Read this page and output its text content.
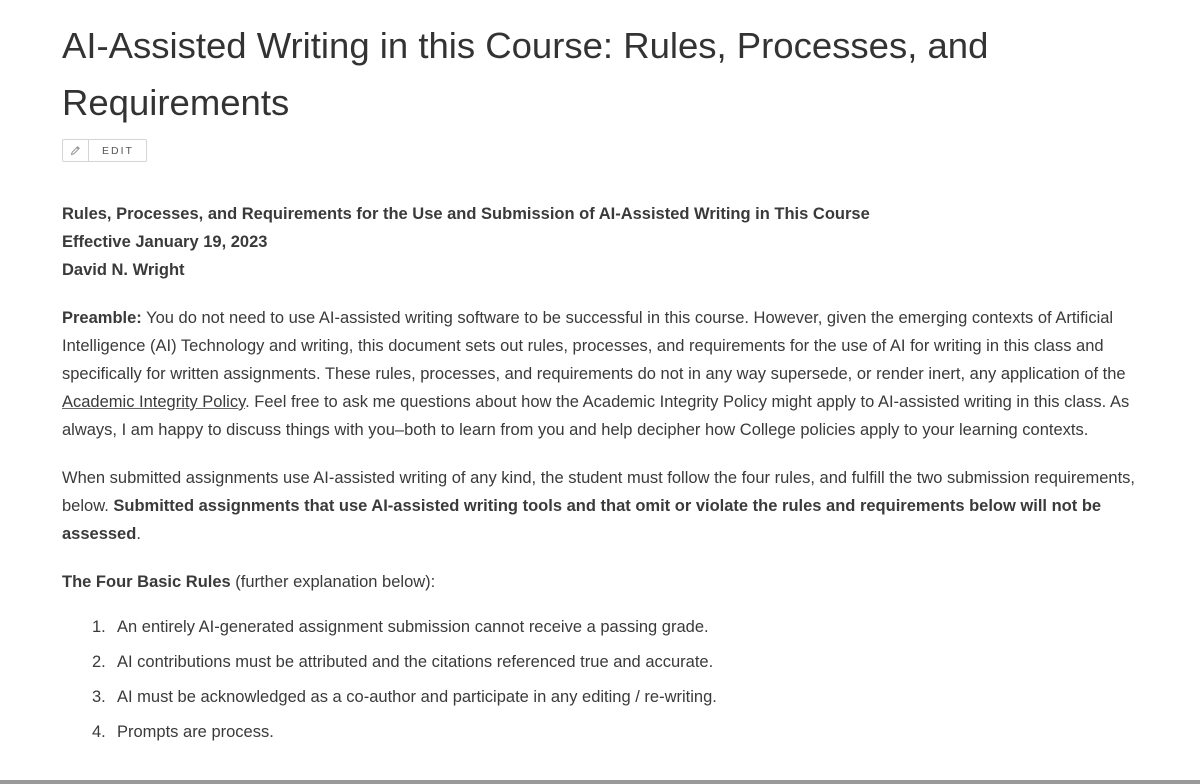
AI-Assisted Writing in this Course: Rules, Processes, and Requirements
EDIT
Rules, Processes, and Requirements for the Use and Submission of AI-Assisted Writing in This Course
Effective January 19, 2023
David N. Wright

Preamble: You do not need to use AI-assisted writing software to be successful in this course. However, given the emerging contexts of Artificial Intelligence (AI) Technology and writing, this document sets out rules, processes, and requirements for the use of AI for writing in this class and specifically for written assignments. These rules, processes, and requirements do not in any way supersede, or render inert, any application of the Academic Integrity Policy. Feel free to ask me questions about how the Academic Integrity Policy might apply to AI-assisted writing in this class. As always, I am happy to discuss things with you–both to learn from you and help decipher how College policies apply to your learning contexts.

When submitted assignments use AI-assisted writing of any kind, the student must follow the four rules, and fulfill the two submission requirements, below. Submitted assignments that use AI-assisted writing tools and that omit or violate the rules and requirements below will not be assessed.

The Four Basic Rules (further explanation below):

1. An entirely AI-generated assignment submission cannot receive a passing grade.
2. AI contributions must be attributed and the citations referenced true and accurate.
3. AI must be acknowledged as a co-author and participate in any editing / re-writing.
4. Prompts are process.
